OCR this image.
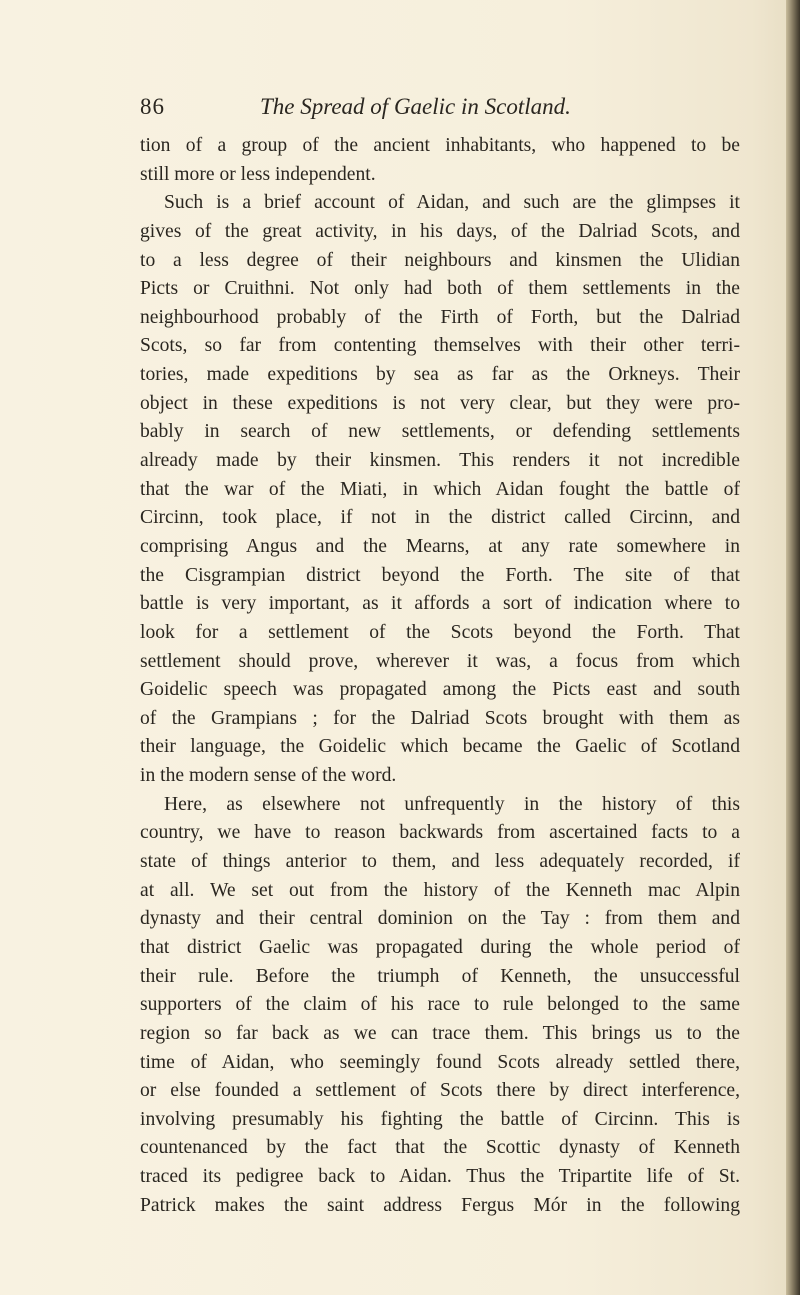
86	The Spread of Gaelic in Scotland.
tion of a group of the ancient inhabitants, who happened to be
still more or less independent.
Such is a brief account of Aidan, and such are the glimpses it
gives of the great activity, in his days, of the Dalriad Scots, and
to a less degree of their neighbours and kinsmen the Ulidian
Picts or Cruithni. Not only had both of them settlements in the
neighbourhood probably of the Firth of Forth, but the Dalriad
Scots, so far from contenting themselves with their other terri-
tories, made expeditions by sea as far as the Orkneys. Their
object in these expeditions is not very clear, but they were pro-
bably in search of new settlements, or defending settlements
already made by their kinsmen. This renders it not incredible
that the war of the Miati, in which Aidan fought the battle of
Circinn, took place, if not in the district called Circinn, and
comprising Angus and the Mearns, at any rate somewhere in
the Cisgrampian district beyond the Forth. The site of that
battle is very important, as it affords a sort of indication where to
look for a settlement of the Scots beyond the Forth. That
settlement should prove, wherever it was, a focus from which
Goidelic speech was propagated among the Picts east and south
of the Grampians ; for the Dalriad Scots brought with them as
their language, the Goidelic which became the Gaelic of Scotland
in the modern sense of the word.
Here, as elsewhere not unfrequently in the history of this
country, we have to reason backwards from ascertained facts to a
state of things anterior to them, and less adequately recorded, if
at all. We set out from the history of the Kenneth mac Alpin
dynasty and their central dominion on the Tay : from them and
that district Gaelic was propagated during the whole period of
their rule. Before the triumph of Kenneth, the unsuccessful
supporters of the claim of his race to rule belonged to the same
region so far back as we can trace them. This brings us to the
time of Aidan, who seemingly found Scots already settled there,
or else founded a settlement of Scots there by direct interference,
involving presumably his fighting the battle of Circinn. This is
countenanced by the fact that the Scottic dynasty of Kenneth
traced its pedigree back to Aidan. Thus the Tripartite life of St.
Patrick makes the saint address Fergus Mór in the following
